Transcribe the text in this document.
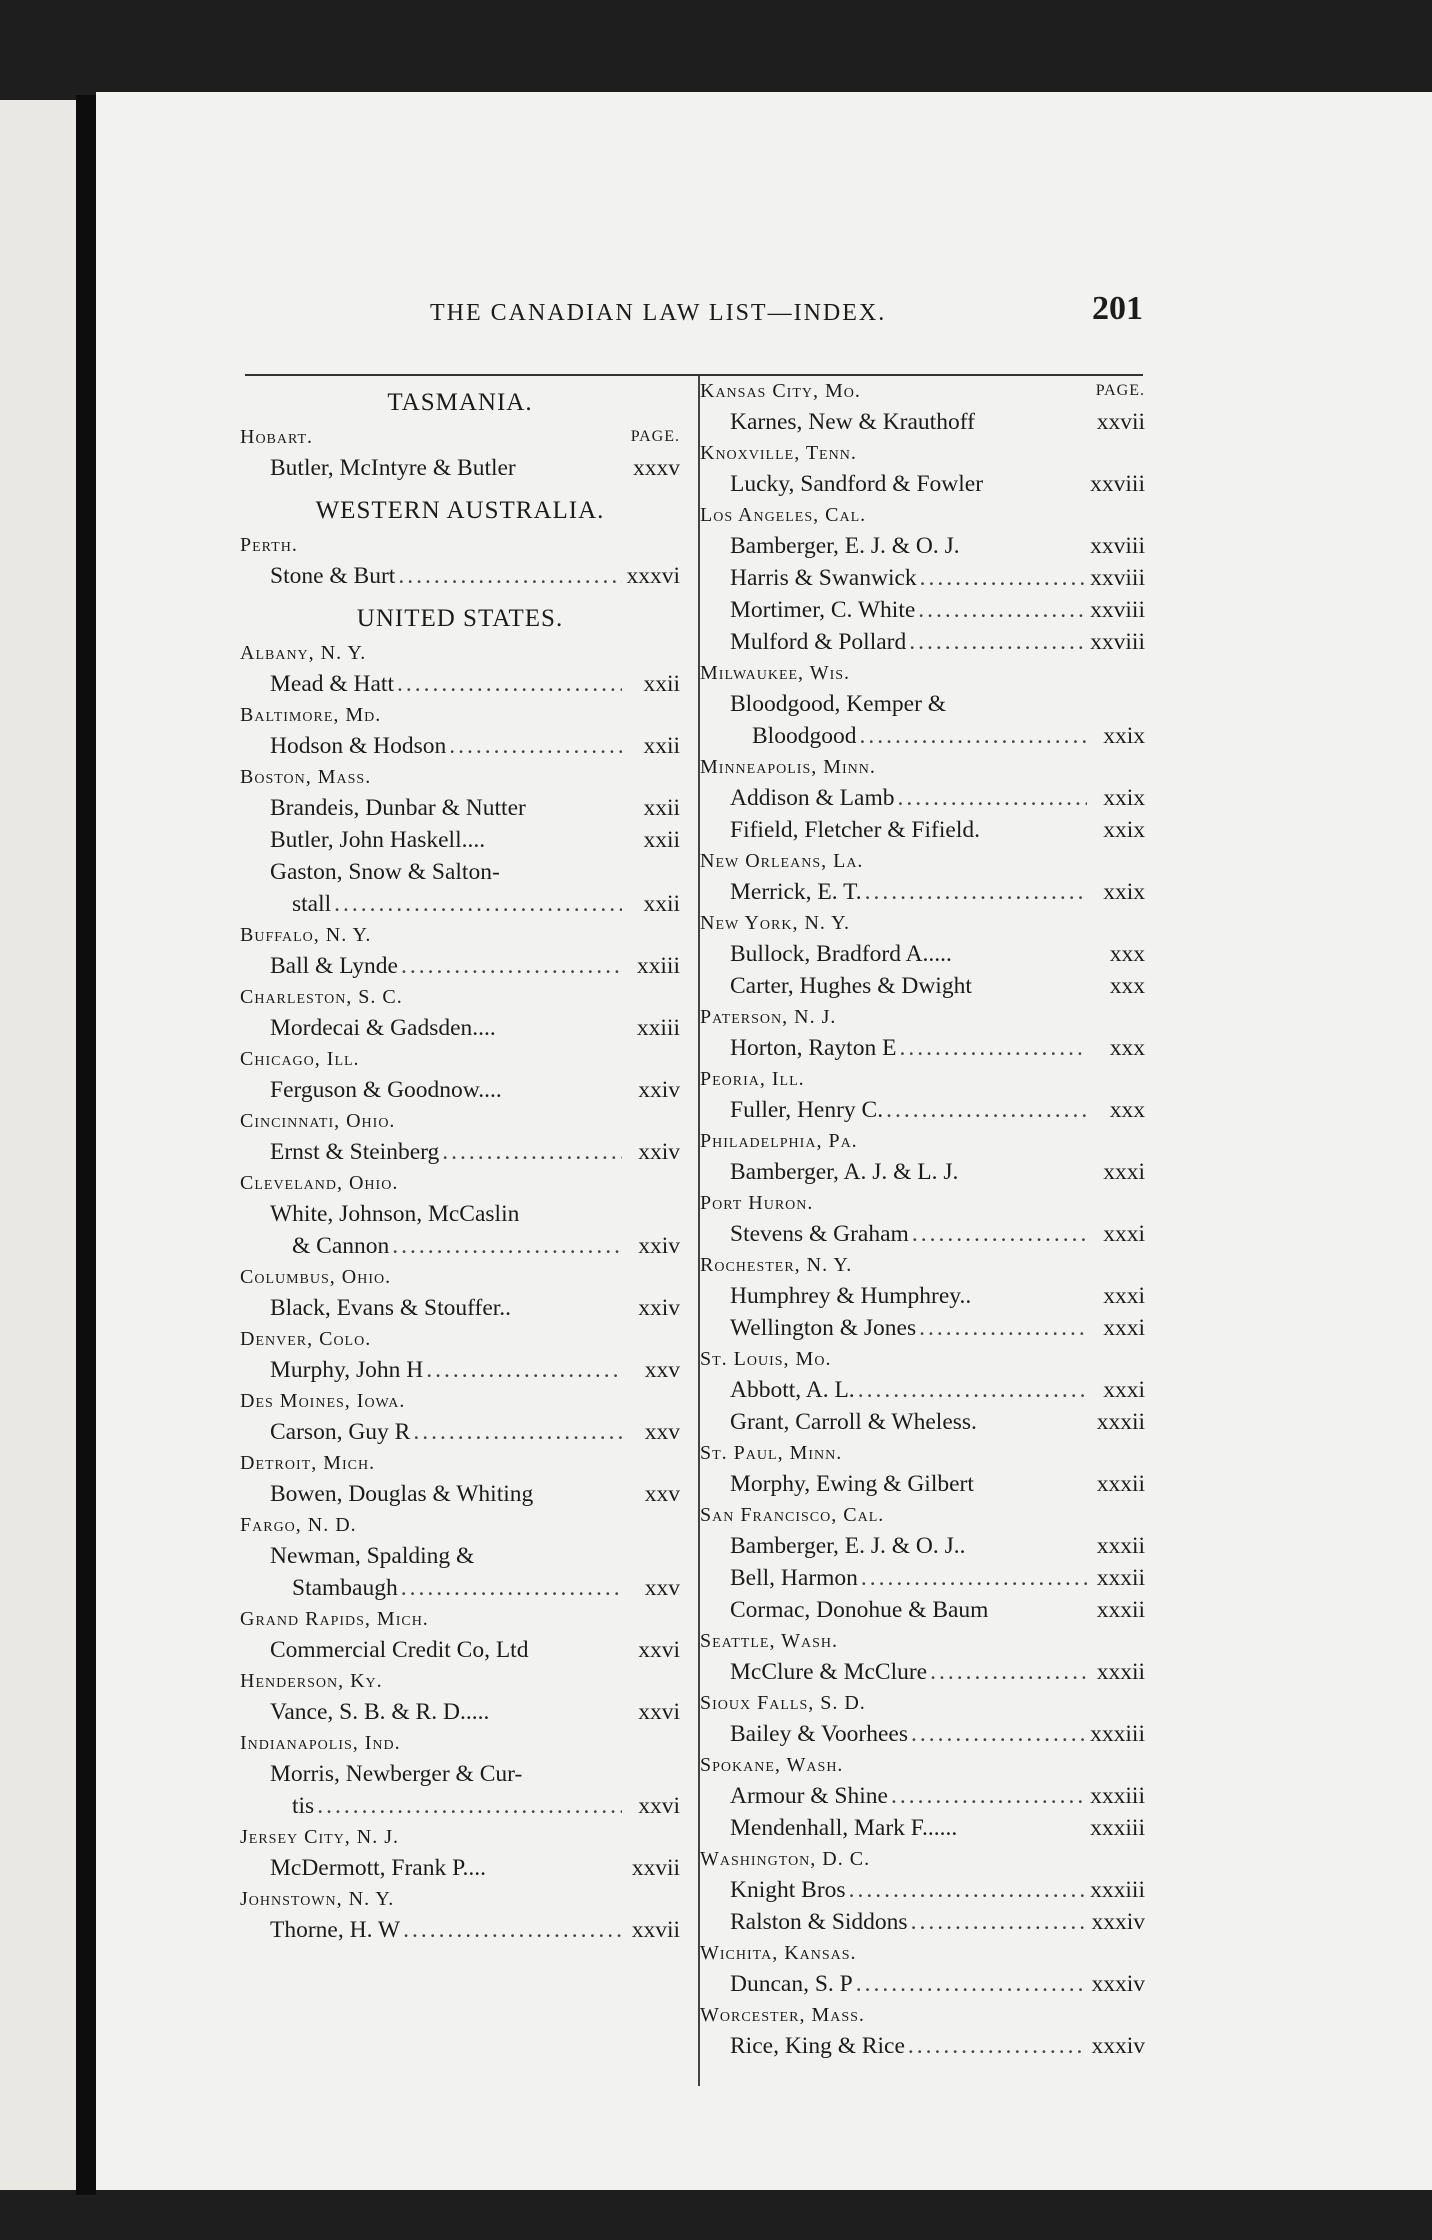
THE CANADIAN LAW LIST—INDEX.	201
TASMANIA.
Hobart.	PAGE.
Butler, McIntyre & Butler	xxxv
WESTERN AUSTRALIA.
Perth.
Stone & Burt .....	xxxvi
UNITED STATES.
Albany, N. Y.
Mead & Hatt .....	xxii
Baltimore, Md.
Hodson & Hodson .....	xxii
Boston, Mass.
Brandeis, Dunbar & Nutter	xxii
Butler, John Haskell....	xxii
Gaston, Snow & Salton-
stall .....	xxii
Buffalo, N. Y.
Ball & Lynde .....	xxiii
Charleston, S. C.
Mordecai & Gadsden....	xxiii
Chicago, Ill.
Ferguson & Goodnow....	xxiv
Cincinnati, Ohio.
Ernst & Steinberg .....	xxiv
Cleveland, Ohio.
White, Johnson, McCaslin
& Cannon .....	xxiv
Columbus, Ohio.
Black, Evans & Stouffer..	xxiv
Denver, Colo.
Murphy, John H .....	xxv
Des Moines, Iowa.
Carson, Guy R .....	xxv
Detroit, Mich.
Bowen, Douglas & Whiting	xxv
Fargo, N. D.
Newman, Spalding &
Stambaugh .....	xxv
Grand Rapids, Mich.
Commercial Credit Co, Ltd	xxvi
Henderson, Ky.
Vance, S. B. & R. D.....	xxvi
Indianapolis, Ind.
Morris, Newberger & Cur-
tis .....	xxvi
Jersey City, N. J.
McDermott, Frank P....	xxvii
Johnstown, N. Y.
Thorne, H. W .....	xxvii
Kansas City, Mo.	PAGE.
Karnes, New & Krauthoff	xxvii
Knoxville, Tenn.
Lucky, Sandford & Fowler	xxviii
Los Angeles, Cal.
Bamberger, E. J. & O. J.	xxviii
Harris & Swanwick .....	xxviii
Mortimer, C. White .....	xxviii
Mulford & Pollard .....	xxviii
Milwaukee, Wis.
Bloodgood, Kemper &
Bloodgood .....	xxix
Minneapolis, Minn.
Addison & Lamb .....	xxix
Fifield, Fletcher & Fifield.	xxix
New Orleans, La.
Merrick, E. T. .....	xxix
New York, N. Y.
Bullock, Bradford A.....	xxx
Carter, Hughes & Dwight	xxx
Paterson, N. J.
Horton, Rayton E .....	xxx
Peoria, Ill.
Fuller, Henry C. .....	xxx
Philadelphia, Pa.
Bamberger, A. J. & L. J.	xxxi
Port Huron.
Stevens & Graham .....	xxxi
Rochester, N. Y.
Humphrey & Humphrey..	xxxi
Wellington & Jones .....	xxxi
St. Louis, Mo.
Abbott, A. L. .....	xxxi
Grant, Carroll & Wheless.	xxxii
St. Paul, Minn.
Morphy, Ewing & Gilbert	xxxii
San Francisco, Cal.
Bamberger, E. J. & O. J..	xxxii
Bell, Harmon .....	xxxii
Cormac, Donohue & Baum	xxxii
Seattle, Wash.
McClure & McClure .....	xxxii
Sioux Falls, S. D.
Bailey & Voorhees .....	xxxiii
Spokane, Wash.
Armour & Shine .....	xxxiii
Mendenhall, Mark F......	xxxiii
Washington, D. C.
Knight Bros .....	xxxiii
Ralston & Siddons .....	xxxiv
Wichita, Kansas.
Duncan, S. P .....	xxxiv
Worcester, Mass.
Rice, King & Rice .....	xxxiv
